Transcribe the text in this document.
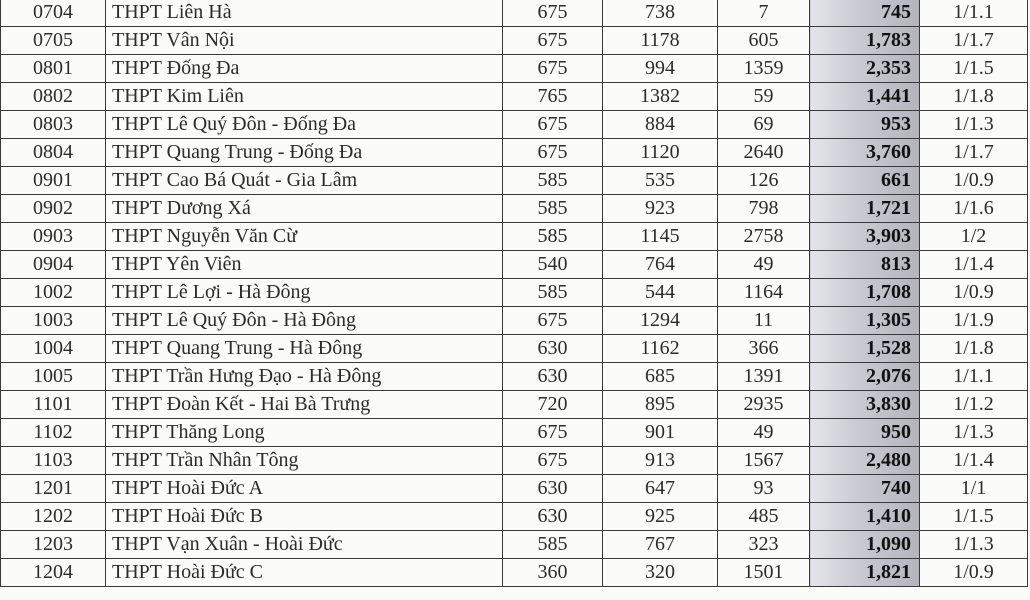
0704	THPT Liên Hà	675	738	7	745	1/1.1
0705	THPT Vân Nội	675	1178	605	1,783	1/1.7
0801	THPT Đống Đa	675	994	1359	2,353	1/1.5
0802	THPT Kim Liên	765	1382	59	1,441	1/1.8
0803	THPT Lê Quý Đôn - Đống Đa	675	884	69	953	1/1.3
0804	THPT Quang Trung - Đống Đa	675	1120	2640	3,760	1/1.7
0901	THPT Cao Bá Quát - Gia Lâm	585	535	126	661	1/0.9
0902	THPT Dương Xá	585	923	798	1,721	1/1.6
0903	THPT Nguyễn Văn Cừ	585	1145	2758	3,903	1/2
0904	THPT Yên Viên	540	764	49	813	1/1.4
1002	THPT Lê Lợi - Hà Đông	585	544	1164	1,708	1/0.9
1003	THPT Lê Quý Đôn - Hà Đông	675	1294	11	1,305	1/1.9
1004	THPT Quang Trung - Hà Đông	630	1162	366	1,528	1/1.8
1005	THPT Trần Hưng Đạo - Hà Đông	630	685	1391	2,076	1/1.1
1101	THPT Đoàn Kết - Hai Bà Trưng	720	895	2935	3,830	1/1.2
1102	THPT Thăng Long	675	901	49	950	1/1.3
1103	THPT Trần Nhân Tông	675	913	1567	2,480	1/1.4
1201	THPT Hoài Đức A	630	647	93	740	1/1
1202	THPT Hoài Đức B	630	925	485	1,410	1/1.5
1203	THPT Vạn Xuân - Hoài Đức	585	767	323	1,090	1/1.3
1204	THPT Hoài Đức C	360	320	1501	1,821	1/0.9
